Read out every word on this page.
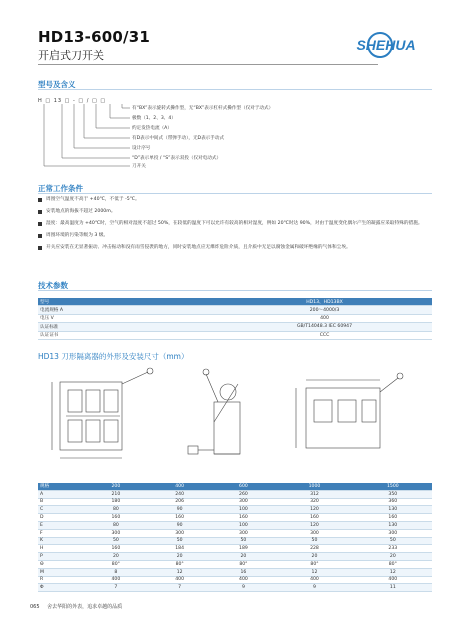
HD13-600/31
开启式刀开关
SHEHUA
型号及含义
H □ 13 □ - □ / □ □
有“BX”表示旋转式操作型，无“BX”表示杠杆式操作型（仅对于动式）
极数（1、2、3、4）
约定发热电流（A）
有D表示中间式（带弹手动），无D表示手动式
设计序号
“D”表示单投 / “S”表示双投（仅对电动式）
刀开关
正常工作条件
周围空气温度不高于 +40℃，不低于 -5℃。
安装地点的海拔不超过 2000m。
湿度：最高温度为 +40℃时，空气的相对湿度不超过 50%，在较低的温度下可以允许有较高的相对湿度，例如 20℃时达 90%，对由于温度变化偶尔产生的凝露应采取特殊的措施。
周围环境的污染等级为 3 级。
开关应安装在无显著振动、冲击振动和没有雨雪侵袭的地方，同时安装地点应无爆炸危险介质，且介质中无足以腐蚀金属和破坏绝缘的气体和尘埃。
技术参数
型号	HD13、HD13BX
电流规格 A	200～4000/3
电压 V	400
认证标准	GB/T14048.3 IEC 60947
认证证书	CCC
HD13 刀形隔离器的外形及安装尺寸（mm）
规格	200	400	600	1000	1500
A	210	240	260	312	350
B	180	206	300	320	360
C	80	90	100	120	130
D	160	160	160	160	160
E	80	90	100	120	130
F	300	300	300	300	300
K	50	50	50	50	50
H	160	184	189	228	233
P	20	20	20	20	20
Θ	80°	80°	80°	80°	80°
M	8	12	16	12	12
R	400	400	400	400	400
Φ	7	7	9	9	11
065 舍去华阳的外表，追求卓越的品质
